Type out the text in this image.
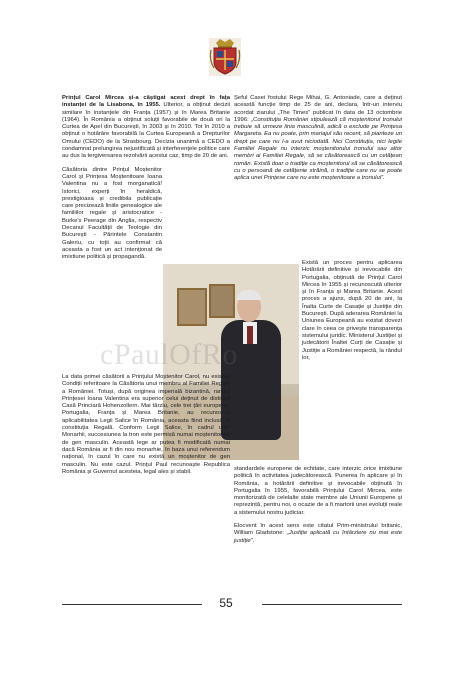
Prințul Carol Mircea și-a câștigat acest drept în fața instanței de la Lisabona, în 1955. Ulterior, a obținut decizii similare în instanțele din Franța (1957) și în Marea Britanie (1964). În România a obținut soluții favorabile de două ori la Curtea de Apel din București, în 2003 și în 2010. Tot în 2010 a obținut o hotărâre favorabilă la Curtea Europeană a Drepturilor Omului (CEDO) de la Strasbourg. Decizia unanimă a CEDO a condamnat prelungirea nejustificată și interferențele politice care au dus la tergiversarea rezolvării acestui caz, timp de 20 de ani.

Căsătoria dintre Prințul Moștenitor Carol și Prințesa Moștenitoare Ioana Valentina nu a fost morganatică! Istorici, experți în heraldică, prestigioasa și credibila publicație care precizează liniile genealogice ale familiilor regale și aristocratice - Burke's Peerage din Anglia, respectiv Decanul Facultății de Teologie din București - Părintele Constantin Galeriu, cu toții au confirmat că aceasta a fost un act intenționat de imixtiune politică și propagandă.

Șeful Casei fostului Rege Mihai, G. Antoniade, care a deținut această funcție timp de 25 de ani, declara, într-un interviu acordat ziarului „The Times" publicat în data de 13 octombrie 1996: „Constituția României stipulează că moștenitorul tronului trebuie să urmeze linia masculină, adică o exclude pe Prințesa Margareta. Ea nu poate, prin mariajul său recent, să pianteze un drept pe care nu l-a avut niciodată. Nici Constituția, nici legile Familiei Regale nu interzic moștenitorului tronului sau altor membri ai Familiei Regale, să se căsătorească cu un cetățean român. Există doar o tradiție ca moștenitorul să se căsătorească cu o persoană de cetățenie străină, o tradiție care nu se poate aplica unei Prințese care nu este moștenitoare a tronului".

Există un proces pentru aplicarea Hotărârii definitive și irevocabile din Portugalia, obținută de Prințul Carol Mircea în 1955 și recunoscută ulterior și în Franța și Marea Britanie. Acest proces a ajuns, după 20 de ani, la Înalta Curte de Casație și Justiție din București. După aderarea României la Uniunea Europeană au existat dovezi clare în ceea ce privește transparența sistemului juridic. Ministerul Justiției și judecătorii Înaltei Curți de Casație și Justiție a României respectă, la rândul lor,

La data primei căsătorii a Prințului Moștenitor Carol, nu existau Condiții referitoare la Căsătoria unui membru al Familiei Regale a României. Totuși, după originea imperială bizantină, rangul Prințesei Ioana Valentina era superior celui deținut de distinsa Casă Princiară Hohenzollern. Mai târziu, cele trei țări europene, Portugalia, Franța și Marea Britanie, au recunoscut aplicabilitatea Legii Salice în România, aceasta fiind inclusă în constituția Regală. Conform Legii Salice, în cadrul unei Monarhii, succesiunea la tron este permisă numai moștenitorilor de gen masculin. Această lege ar putea fi modificată numai dacă România ar fi din nou monarhie, în baza unui referendum național, în cazul în care nu există un moștenitor de gen masculin. Nu este cazul. Prințul Paul recunoaște Republica România și Guvernul acesteia, legal ales și stabil.	standardele europene de echitate, care interzic orice imixtiune politică în activitatea judecătorească. Punerea în aplicare și în România, a hotărârii definitive și irevocabile obținută în Portugalia în 1955, favorabilă Prințului Carol Mircea, este monitorizată de celelalte state membre ale Uniunii Europene și reprezintă, pentru noi, o ocazie de a fi martorii unei evoluții reale a sistemului nostru judiciar.

Elocvent în acest sens este citatul Prim-ministrului britanic, William Gladstone: „Justiție aplicată cu întârziere nu mai este justiție".

cPaulOfRo
55
